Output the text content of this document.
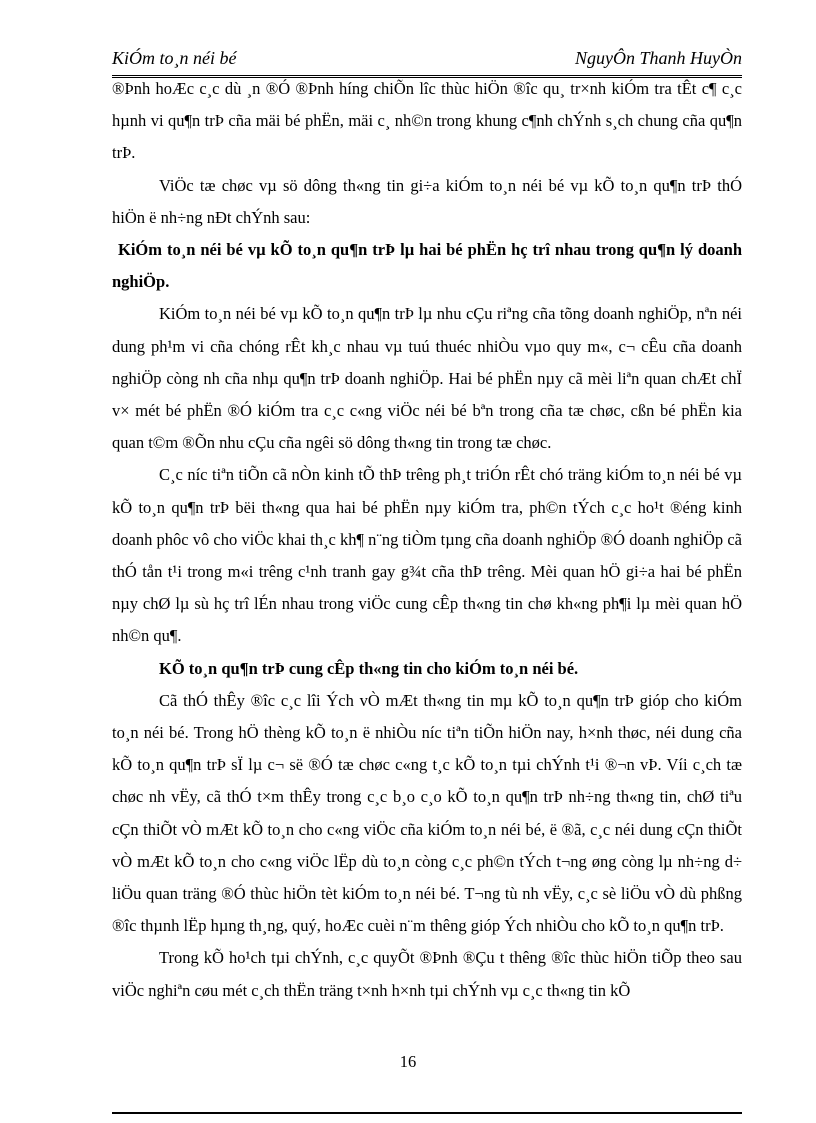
KiÓm to¸n néi bé	NguyÔn Thanh HuyÒn

®Þnh hoÆc c¸c dù ¸n ®Ó ®Þnh híng chiÕn lîc thùc hiÖn ®îc qu¸ tr×nh kiÓm tra tÊt c¶ c¸c hµnh vi qu¶n trÞ cña mäi bé phËn, mäi c¸ nh©n trong khung c¶nh chÝnh s¸ch chung cña qu¶n trÞ.

ViÖc tæ chøc vµ sö dông th«ng tin gi÷a kiÓm to¸n néi bé vµ kÕ to¸n qu¶n trÞ thÓ hiÖn ë nh÷ng nÐt chÝnh sau:

KiÓm to¸n néi bé vµ kÕ to¸n qu¶n trÞ lµ hai bé phËn hç trî nhau trong qu¶n lý doanh nghiÖp.

KiÓm to¸n néi bé vµ kÕ to¸n qu¶n trÞ lµ nhu cÇu riªng cña tõng doanh nghiÖp, nªn néi dung ph¹m vi cña chóng rÊt kh¸c nhau vµ tuú thuéc nhiÒu vµo quy m«, c¬ cÊu cña doanh nghiÖp còng nh cña nhµ qu¶n trÞ doanh nghiÖp. Hai bé phËn nµy cã mèi liªn quan chÆt chÏ v× mét bé phËn ®Ó kiÓm tra c¸c c«ng viÖc néi bé bªn trong cña tæ chøc, cßn bé phËn kia quan t©m ®Õn nhu cÇu cña ngêi sö dông th«ng tin trong tæ chøc.

C¸c níc tiªn tiÕn cã nÒn kinh tÕ thÞ trêng ph¸t triÓn rÊt chó träng kiÓm to¸n néi bé vµ kÕ to¸n qu¶n trÞ bëi th«ng qua hai bé phËn nµy kiÓm tra, ph©n tÝch c¸c ho¹t ®éng kinh doanh phôc vô cho viÖc khai th¸c kh¶ n¨ng tiÒm tµng cña doanh nghiÖp ®Ó doanh nghiÖp cã thÓ tån t¹i trong m«i trêng c¹nh tranh gay g¾t cña thÞ trêng. Mèi quan hÖ gi÷a hai bé phËn nµy chØ lµ sù hç trî lÉn nhau trong viÖc cung cÊp th«ng tin chø kh«ng ph¶i lµ mèi quan hÖ nh©n qu¶.

KÕ to¸n qu¶n trÞ cung cÊp th«ng tin cho kiÓm to¸n néi bé.

Cã thÓ thÊy ®îc c¸c lîi Ých vÒ mÆt th«ng tin mµ kÕ to¸n qu¶n trÞ gióp cho kiÓm to¸n néi bé. Trong hÖ thèng kÕ to¸n ë nhiÒu níc tiªn tiÕn hiÖn nay, h×nh thøc, néi dung cña kÕ to¸n qu¶n trÞ sÏ lµ c¬ së ®Ó tæ chøc c«ng t¸c kÕ to¸n tµi chÝnh t¹i ®¬n vÞ. Víi c¸ch tæ chøc nh vËy, cã thÓ t×m thÊy trong c¸c b¸o c¸o kÕ to¸n qu¶n trÞ nh÷ng th«ng tin, chØ tiªu cÇn thiÕt vÒ mÆt kÕ to¸n cho c«ng viÖc cña kiÓm to¸n néi bé, ë ®ã, c¸c néi dung cÇn thiÕt vÒ mÆt kÕ to¸n cho c«ng viÖc lËp dù to¸n còng c¸c ph©n tÝch t¬ng øng còng lµ nh÷ng d÷ liÖu quan träng ®Ó thùc hiÖn tèt kiÓm to¸n néi bé. T¬ng tù nh vËy, c¸c sè liÖu vÒ dù phßng ®îc thµnh lËp hµng th¸ng, quý, hoÆc cuèi n¨m thêng gióp Ých nhiÒu cho kÕ to¸n qu¶n trÞ.

Trong kÕ ho¹ch tµi chÝnh, c¸c quyÕt ®Þnh ®Çu t thêng ®îc thùc hiÖn tiÕp theo sau viÖc nghiªn cøu mét c¸ch thËn träng t×nh h×nh tµi chÝnh vµ c¸c th«ng tin kÕ

16
